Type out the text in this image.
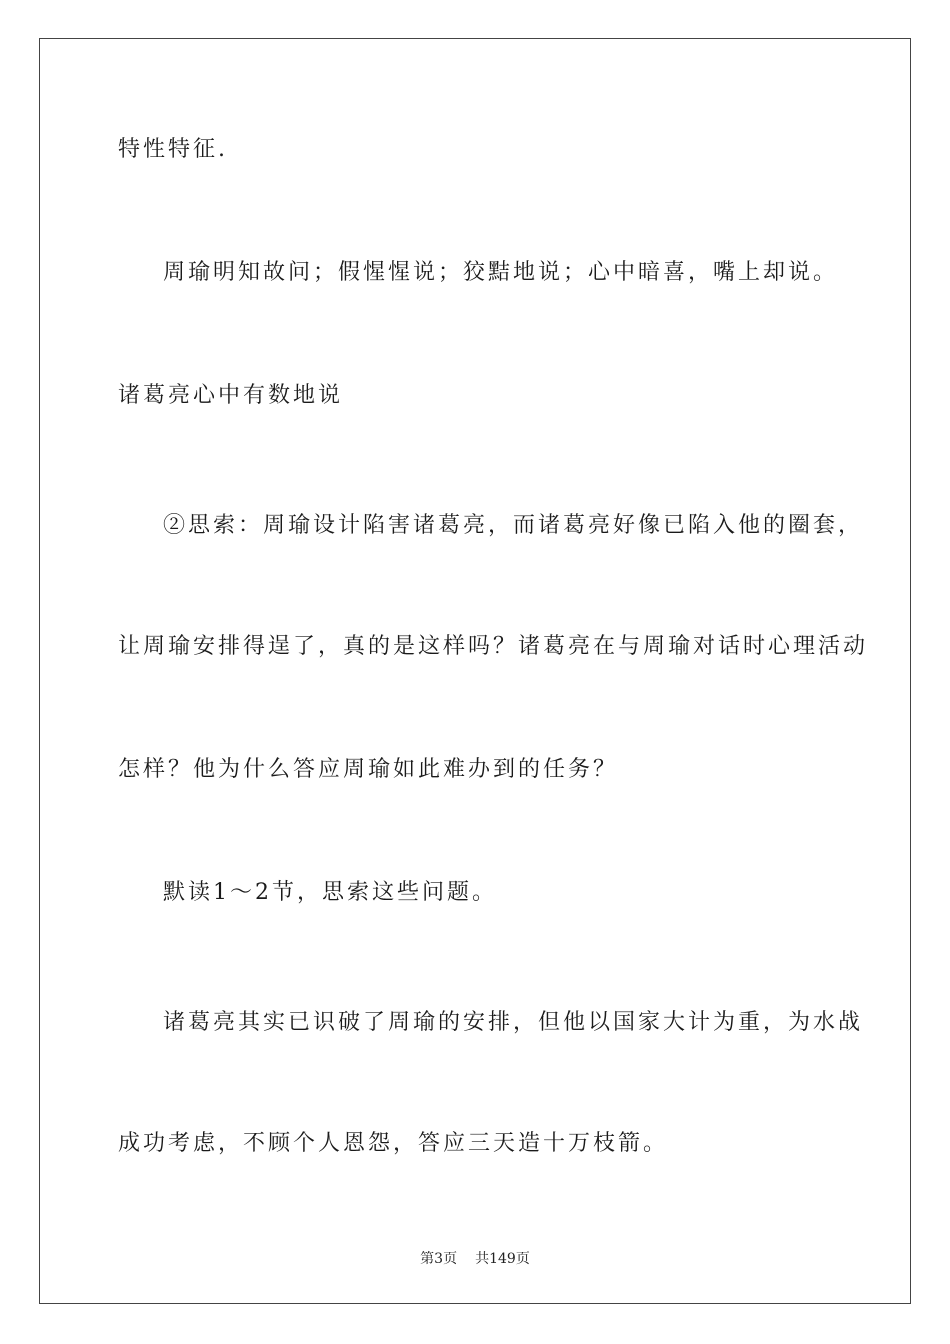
特性特征.
周瑜明知故问；假惺惺说；狡黠地说；心中暗喜，嘴上却说。
诸葛亮心中有数地说
②思索：周瑜设计陷害诸葛亮，而诸葛亮好像已陷入他的圈套，
让周瑜安排得逞了，真的是这样吗？诸葛亮在与周瑜对话时心理活动
怎样？他为什么答应周瑜如此难办到的任务？
默读1～2节，思索这些问题。
诸葛亮其实已识破了周瑜的安排，但他以国家大计为重，为水战
成功考虑，不顾个人恩怨，答应三天造十万枝箭。
第3页 共149页
